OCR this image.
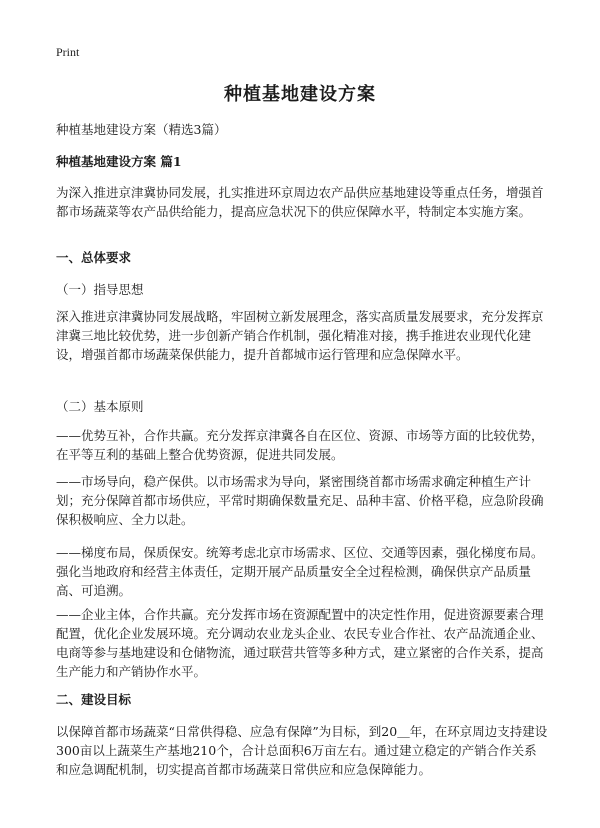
Print
种植基地建设方案
种植基地建设方案（精选3篇）
种植基地建设方案 篇1
为深入推进京津冀协同发展，扎实推进环京周边农产品供应基地建设等重点任务，增强首都市场蔬菜等农产品供给能力，提高应急状况下的供应保障水平，特制定本实施方案。
一、总体要求
（一）指导思想
深入推进京津冀协同发展战略，牢固树立新发展理念，落实高质量发展要求，充分发挥京津冀三地比较优势，进一步创新产销合作机制，强化精准对接，携手推进农业现代化建设，增强首都市场蔬菜保供能力，提升首都城市运行管理和应急保障水平。
（二）基本原则
——优势互补，合作共赢。充分发挥京津冀各自在区位、资源、市场等方面的比较优势，在平等互利的基础上整合优势资源，促进共同发展。
——市场导向，稳产保供。以市场需求为导向，紧密围绕首都市场需求确定种植生产计划；充分保障首都市场供应，平常时期确保数量充足、品种丰富、价格平稳，应急阶段确保积极响应、全力以赴。
——梯度布局，保质保安。统筹考虑北京市场需求、区位、交通等因素，强化梯度布局。强化当地政府和经营主体责任，定期开展产品质量安全全过程检测，确保供京产品质量高、可追溯。
——企业主体，合作共赢。充分发挥市场在资源配置中的决定性作用，促进资源要素合理配置，优化企业发展环境。充分调动农业龙头企业、农民专业合作社、农产品流通企业、电商等参与基地建设和仓储物流，通过联营共管等多种方式，建立紧密的合作关系，提高生产能力和产销协作水平。
二、建设目标
以保障首都市场蔬菜“日常供得稳、应急有保障”为目标，到20＿年，在环京周边支持建设300亩以上蔬菜生产基地210个，合计总面积6万亩左右。通过建立稳定的产销合作关系和应急调配机制，切实提高首都市场蔬菜日常供应和应急保障能力。
